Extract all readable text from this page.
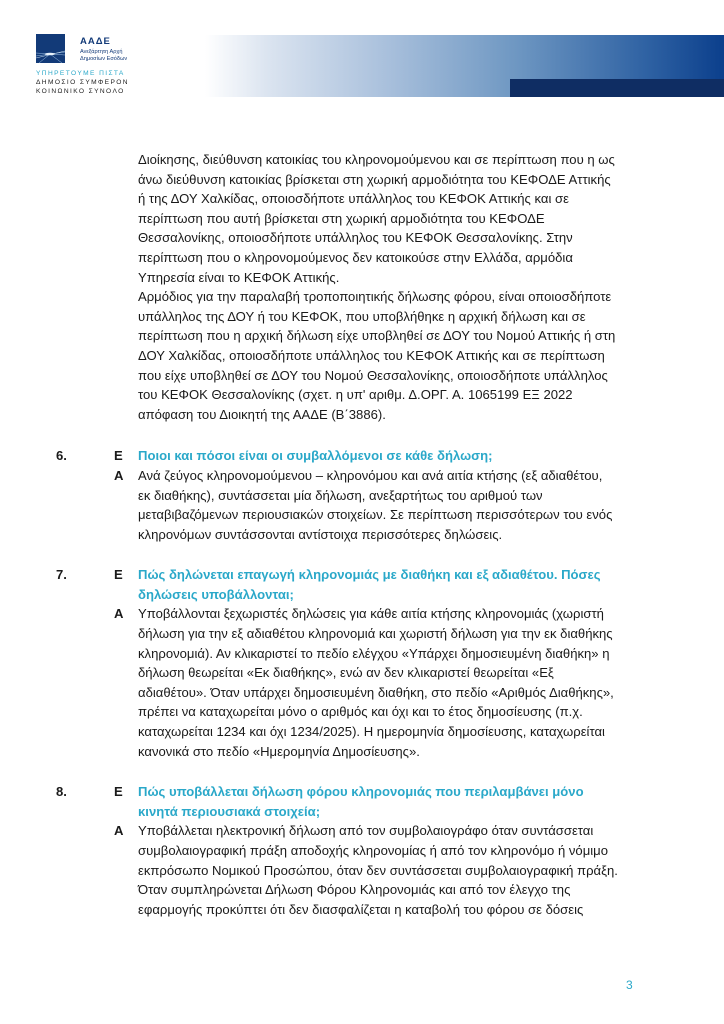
ΑΑΔΕ
Ανεξάρτητη Αρχή
Δημοσίων Εσόδων
ΥΠΗΡΕΤΟΥΜΕ ΠΙΣΤΑ
ΔΗΜΟΣΙΟ ΣΥΜΦΕΡΟΝ
ΚΟΙΝΩΝΙΚΟ ΣΥΝΟΛΟ

Διοίκησης, διεύθυνση κατοικίας του κληρονομούμενου και σε περίπτωση που η ως άνω διεύθυνση κατοικίας βρίσκεται στη χωρική αρμοδιότητα του ΚΕΦΟΔΕ Αττικής ή της ΔΟΥ Χαλκίδας, οποιοσδήποτε υπάλληλος του ΚΕΦΟΚ Αττικής και σε περίπτωση που αυτή βρίσκεται στη χωρική αρμοδιότητα του ΚΕΦΟΔΕ Θεσσαλονίκης, οποιοσδήποτε υπάλληλος του ΚΕΦΟΚ Θεσσαλονίκης. Στην περίπτωση που ο κληρονομούμενος δεν κατοικούσε στην Ελλάδα, αρμόδια Υπηρεσία είναι το ΚΕΦΟΚ Αττικής.

Αρμόδιος για την παραλαβή τροποποιητικής δήλωσης φόρου, είναι οποιοσδήποτε υπάλληλος της ΔΟΥ ή του ΚΕΦΟΚ, που υποβλήθηκε η αρχική δήλωση και σε περίπτωση που η αρχική δήλωση είχε υποβληθεί σε ΔΟΥ του Νομού Αττικής ή στη ΔΟΥ Χαλκίδας, οποιοσδήποτε υπάλληλος του ΚΕΦΟΚ Αττικής και σε περίπτωση που είχε υποβληθεί σε ΔΟΥ του Νομού Θεσσαλονίκης, οποιοσδήποτε υπάλληλος του ΚΕΦΟΚ Θεσσαλονίκης (σχετ. η υπ' αριθμ. Δ.ΟΡΓ. Α. 1065199 ΕΞ 2022 απόφαση του Διοικητή της ΑΑΔΕ (Β΄3886).

6.	Ε	Ποιοι και πόσοι είναι οι συμβαλλόμενοι σε κάθε δήλωση;
Α	Ανά ζεύγος κληρονομούμενου – κληρονόμου και ανά αιτία κτήσης (εξ αδιαθέτου, εκ διαθήκης), συντάσσεται μία δήλωση, ανεξαρτήτως του αριθμού των μεταβιβαζόμενων περιουσιακών στοιχείων. Σε περίπτωση περισσότερων του ενός κληρονόμων συντάσσονται αντίστοιχα περισσότερες δηλώσεις.

7.	Ε	Πώς δηλώνεται επαγωγή κληρονομιάς με διαθήκη και εξ αδιαθέτου. Πόσες δηλώσεις υποβάλλονται;
Α	Υποβάλλονται ξεχωριστές δηλώσεις για κάθε αιτία κτήσης κληρονομιάς (χωριστή δήλωση για την εξ αδιαθέτου κληρονομιά και χωριστή δήλωση για την εκ διαθήκης κληρονομιά). Αν κλικαριστεί το πεδίο ελέγχου «Υπάρχει δημοσιευμένη διαθήκη» η δήλωση θεωρείται «Εκ διαθήκης», ενώ αν δεν κλικαριστεί θεωρείται «Εξ αδιαθέτου». Όταν υπάρχει δημοσιευμένη διαθήκη, στο πεδίο «Αριθμός Διαθήκης», πρέπει να καταχωρείται μόνο ο αριθμός και όχι και το έτος δημοσίευσης (π.χ. καταχωρείται 1234 και όχι 1234/2025). Η ημερομηνία δημοσίευσης, καταχωρείται κανονικά στο πεδίο «Ημερομηνία Δημοσίευσης».

8.	Ε	Πώς υποβάλλεται δήλωση φόρου κληρονομιάς που περιλαμβάνει μόνο κινητά περιουσιακά στοιχεία;
Α	Υποβάλλεται ηλεκτρονική δήλωση από τον συμβολαιογράφο όταν συντάσσεται συμβολαιογραφική πράξη αποδοχής κληρονομίας ή από τον κληρονόμο ή νόμιμο εκπρόσωπο Νομικού Προσώπου, όταν δεν συντάσσεται συμβολαιογραφική πράξη.

Όταν συμπληρώνεται Δήλωση Φόρου Κληρονομιάς και από τον έλεγχο της εφαρμογής προκύπτει ότι δεν διασφαλίζεται η καταβολή του φόρου σε δόσεις

3
